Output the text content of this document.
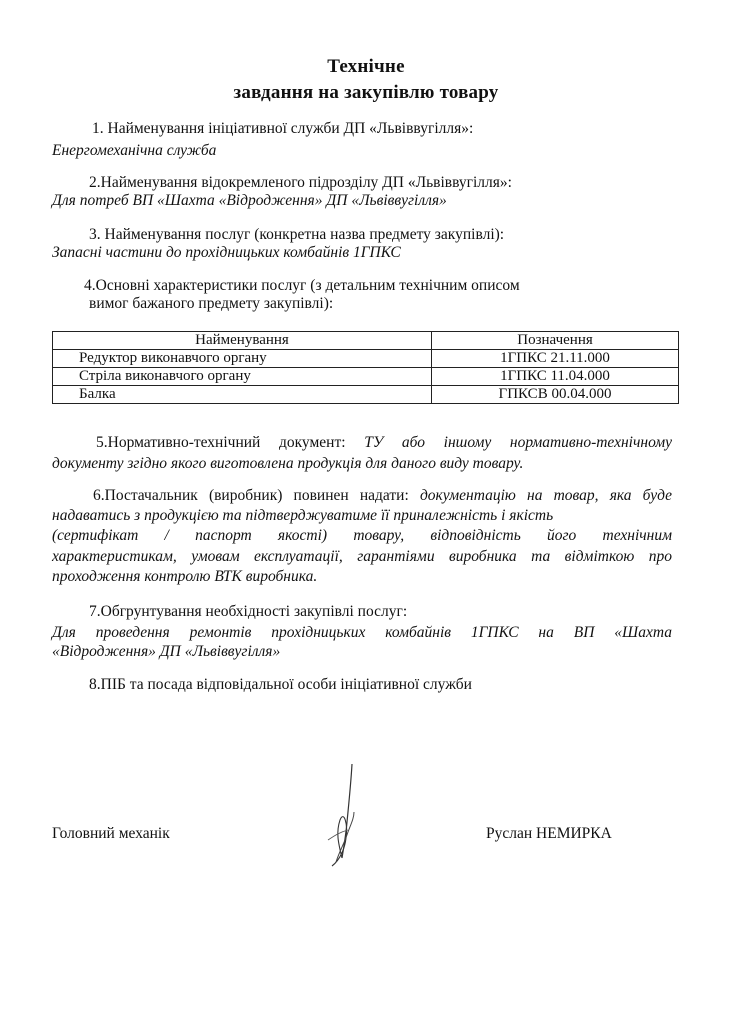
Технічне
завдання на закупівлю товару
1. Найменування ініціативної служби ДП «Львіввугілля»:
Енергомеханічна служба
2.Найменування відокремленого підрозділу ДП «Львіввугілля»:
Для потреб ВП «Шахта «Відродження» ДП «Львіввугілля»
3. Найменування послуг (конкретна назва предмету закупівлі):
Запасні частини до прохідницьких комбайнів 1ГПКС
4.Основні характеристики послуг (з детальним технічним описом
вимог бажаного предмету закупівлі):
Найменування	Позначення
Редуктор виконавчого органу	1ГПКС 21.11.000
Стріла виконавчого органу	1ГПКС 11.04.000
Балка	ГПКСВ 00.04.000
5.Нормативно-технічний документ: ТУ або іншому нормативно-технічному
документу згідно якого виготовлена продукція для даного виду товару.
6.Постачальник (виробник) повинен надати: документацію на товар, яка буде
надаватись з продукцією та підтверджуватиме її приналежність і якість
(сертифікат / паспорт якості) товару, відповідність його технічним
характеристикам, умовам експлуатації, гарантіями виробника та відміткою про
проходження контролю ВТК виробника.
7.Обгрунтування необхідності закупівлі послуг:
Для проведення ремонтів прохідницьких комбайнів 1ГПКС на ВП «Шахта
«Відродження» ДП «Львіввугілля»
8.ПІБ та посада відповідальної особи ініціативної служби
Головний механік	Руслан НЕМИРКА
